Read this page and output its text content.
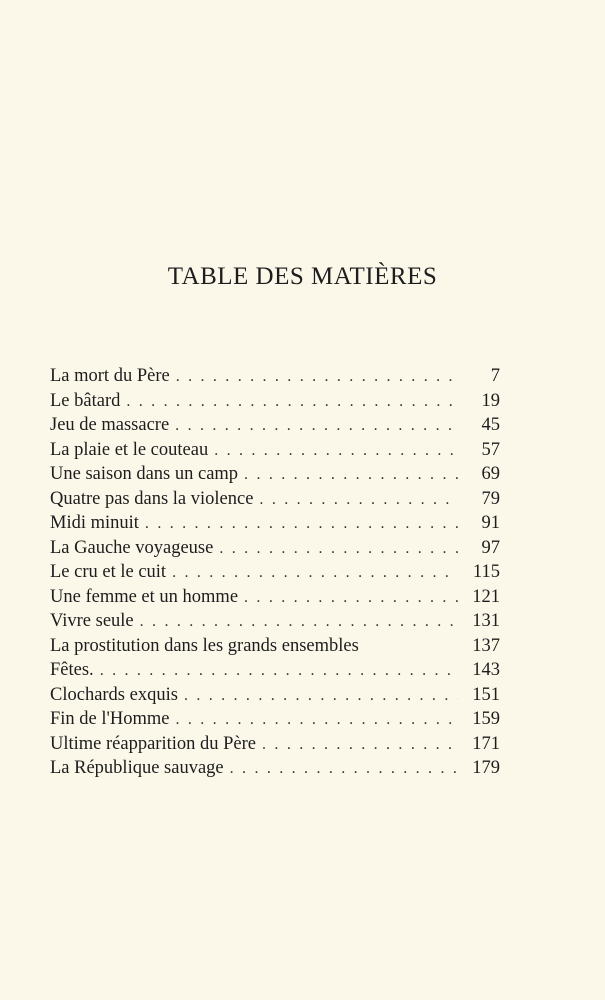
TABLE DES MATIÈRES
La mort du Père . . .	7
Le bâtard . . .	19
Jeu de massacre . . .	45
La plaie et le couteau . . .	57
Une saison dans un camp . . .	69
Quatre pas dans la violence . . .	79
Midi minuit . . .	91
La Gauche voyageuse . . .	97
Le cru et le cuit . . .	115
Une femme et un homme . . .	121
Vivre seule . . .	131
La prostitution dans les grands ensembles	137
Fêtes. . . .	143
Clochards exquis . . .	151
Fin de l'Homme . . .	159
Ultime réapparition du Père . . .	171
La République sauvage . . .	179
